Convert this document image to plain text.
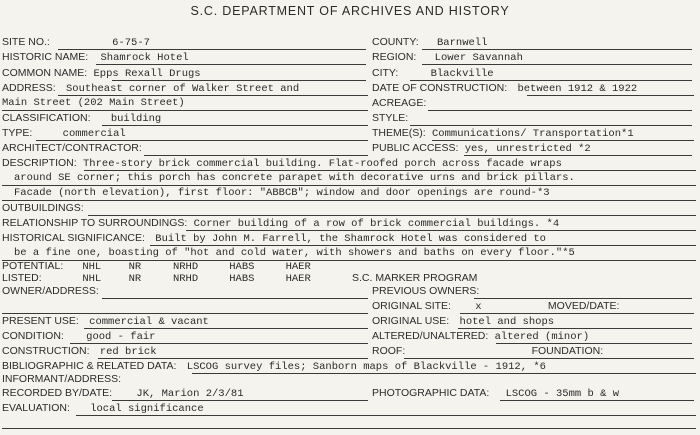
S.C. DEPARTMENT OF ARCHIVES AND HISTORY
SITE NO.:	6-75-7	COUNTY: Barnwell
HISTORIC NAME: Shamrock Hotel	REGION: Lower Savannah
COMMON NAME: Epps Rexall Drugs	CITY:	Blackville
ADDRESS: Southeast corner of Walker Street and	DATE OF CONSTRUCTION: between 1912 & 1922
Main Street (202 Main Street)	ACREAGE:
CLASSIFICATION: building	STYLE:
TYPE:	commercial	THEME(S): Communications/ Transportation*1
ARCHITECT/CONTRACTOR:	PUBLIC ACCESS: yes, unrestricted *2
DESCRIPTION: Three-story brick commercial building. Flat-roofed porch across facade wraps
around SE corner; this porch has concrete parapet with decorative urns and brick pillars.
Facade (north elevation), first floor: "ABBCB"; window and door openings are round-*3
OUTBUILDINGS:
RELATIONSHIP TO SURROUNDINGS: Corner building of a row of brick commercial buildings. *4
HISTORICAL SIGNIFICANCE: Built by John M. Farrell, the Shamrock Hotel was considered to
be a fine one, boasting of "hot and cold water, with showers and baths on every floor."*5
POTENTIAL: NHL	NR	NRHD	HABS	HAER
LISTED:	NHL	NR	NRHD	HABS	HAER	S.C. MARKER PROGRAM
OWNER/ADDRESS:	PREVIOUS OWNERS:
ORIGINAL SITE: x	MOVED/DATE:
PRESENT USE: commercial & vacant	ORIGINAL USE: hotel and shops
CONDITION: good - fair	ALTERED/UNALTERED: altered (minor)
CONSTRUCTION: red brick	ROOF:	FOUNDATION:
BIBLIOGRAPHIC & RELATED DATA: LSCOG survey files; Sanborn maps of Blackville - 1912, *6
INFORMANT/ADDRESS:
RECORDED BY/DATE: JK, Marion 2/3/81	PHOTOGRAPHIC DATA: LSCOG - 35mm b & w
EVALUATION: local significance
